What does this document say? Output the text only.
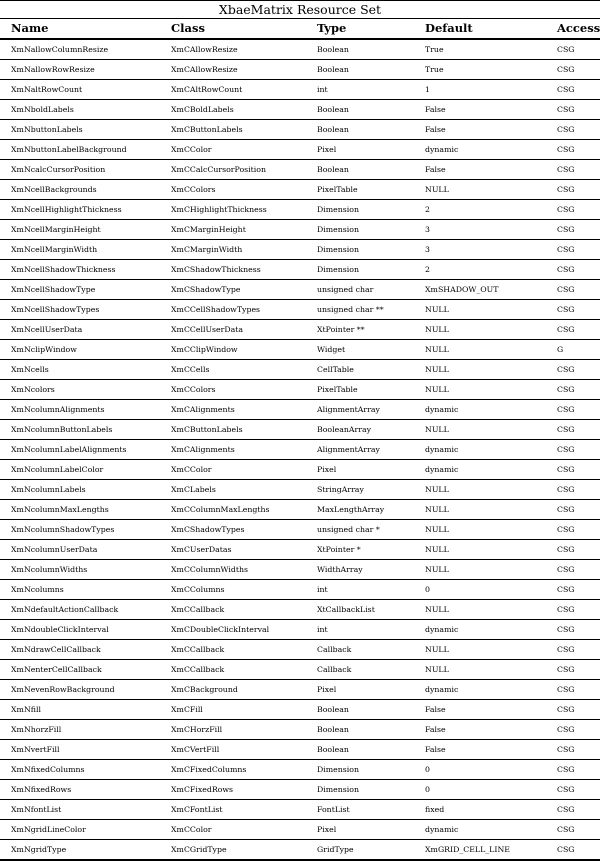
XbaeMatrix Resource Set
Name	Class	Type	Default	Access
XmNallowColumnResize	XmCAllowResize	Boolean	True	CSG
XmNallowRowResize	XmCAllowResize	Boolean	True	CSG
XmNaltRowCount	XmCAltRowCount	int	1	CSG
XmNboldLabels	XmCBoldLabels	Boolean	False	CSG
XmNbuttonLabels	XmCButtonLabels	Boolean	False	CSG
XmNbuttonLabelBackground	XmCColor	Pixel	dynamic	CSG
XmNcalcCursorPosition	XmCCalcCursorPosition	Boolean	False	CSG
XmNcellBackgrounds	XmCColors	PixelTable	NULL	CSG
XmNcellHighlightThickness	XmCHighlightThickness	Dimension	2	CSG
XmNcellMarginHeight	XmCMarginHeight	Dimension	3	CSG
XmNcellMarginWidth	XmCMarginWidth	Dimension	3	CSG
XmNcellShadowThickness	XmCShadowThickness	Dimension	2	CSG
XmNcellShadowType	XmCShadowType	unsigned char	XmSHADOW_OUT	CSG
XmNcellShadowTypes	XmCCellShadowTypes	unsigned char **	NULL	CSG
XmNcellUserData	XmCCellUserData	XtPointer **	NULL	CSG
XmNclipWindow	XmCClipWindow	Widget	NULL	G
XmNcells	XmCCells	CellTable	NULL	CSG
XmNcolors	XmCColors	PixelTable	NULL	CSG
XmNcolumnAlignments	XmCAlignments	AlignmentArray	dynamic	CSG
XmNcolumnButtonLabels	XmCButtonLabels	BooleanArray	NULL	CSG
XmNcolumnLabelAlignments	XmCAlignments	AlignmentArray	dynamic	CSG
XmNcolumnLabelColor	XmCColor	Pixel	dynamic	CSG
XmNcolumnLabels	XmCLabels	StringArray	NULL	CSG
XmNcolumnMaxLengths	XmCColumnMaxLengths	MaxLengthArray	NULL	CSG
XmNcolumnShadowTypes	XmCShadowTypes	unsigned char *	NULL	CSG
XmNcolumnUserData	XmCUserDatas	XtPointer *	NULL	CSG
XmNcolumnWidths	XmCColumnWidths	WidthArray	NULL	CSG
XmNcolumns	XmCColumns	int	0	CSG
XmNdefaultActionCallback	XmCCallback	XtCallbackList	NULL	CSG
XmNdoubleClickInterval	XmCDoubleClickInterval	int	dynamic	CSG
XmNdrawCellCallback	XmCCallback	Callback	NULL	CSG
XmNenterCellCallback	XmCCallback	Callback	NULL	CSG
XmNevenRowBackground	XmCBackground	Pixel	dynamic	CSG
XmNfill	XmCFill	Boolean	False	CSG
XmNhorzFill	XmCHorzFill	Boolean	False	CSG
XmNvertFill	XmCVertFill	Boolean	False	CSG
XmNfixedColumns	XmCFixedColumns	Dimension	0	CSG
XmNfixedRows	XmCFixedRows	Dimension	0	CSG
XmNfontList	XmCFontList	FontList	fixed	CSG
XmNgridLineColor	XmCColor	Pixel	dynamic	CSG
XmNgridType	XmCGridType	GridType	XmGRID_CELL_LINE	CSG
